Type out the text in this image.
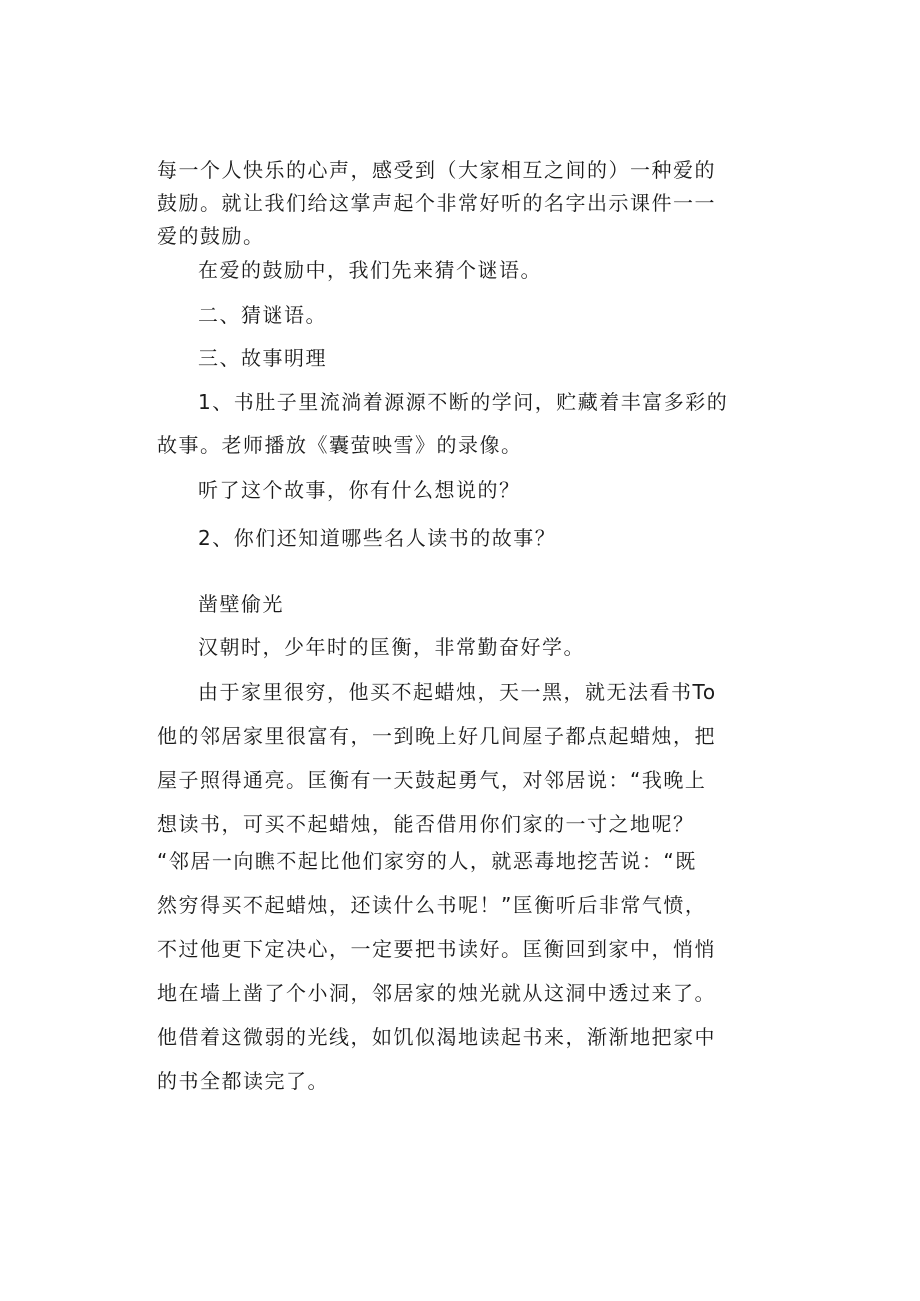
每一个人快乐的心声，感受到（大家相互之间的）一种爱的
鼓励。就让我们给这掌声起个非常好听的名字出示课件一一
爱的鼓励。
在爱的鼓励中，我们先来猜个谜语。
二、猜谜语。
三、故事明理
1、书肚子里流淌着源源不断的学问，贮藏着丰富多彩的
故事。老师播放《囊萤映雪》的录像。
听了这个故事，你有什么想说的？
2、你们还知道哪些名人读书的故事？
凿壁偷光
汉朝时，少年时的匡衡，非常勤奋好学。
由于家里很穷，他买不起蜡烛，天一黑，就无法看书To
他的邻居家里很富有，一到晚上好几间屋子都点起蜡烛，把
屋子照得通亮。匡衡有一天鼓起勇气，对邻居说：“我晚上
想读书，可买不起蜡烛，能否借用你们家的一寸之地呢？
“邻居一向瞧不起比他们家穷的人，就恶毒地挖苦说：“既
然穷得买不起蜡烛，还读什么书呢！”匡衡听后非常气愤，
不过他更下定决心，一定要把书读好。匡衡回到家中，悄悄
地在墙上凿了个小洞，邻居家的烛光就从这洞中透过来了。
他借着这微弱的光线，如饥似渴地读起书来，渐渐地把家中
的书全都读完了。
